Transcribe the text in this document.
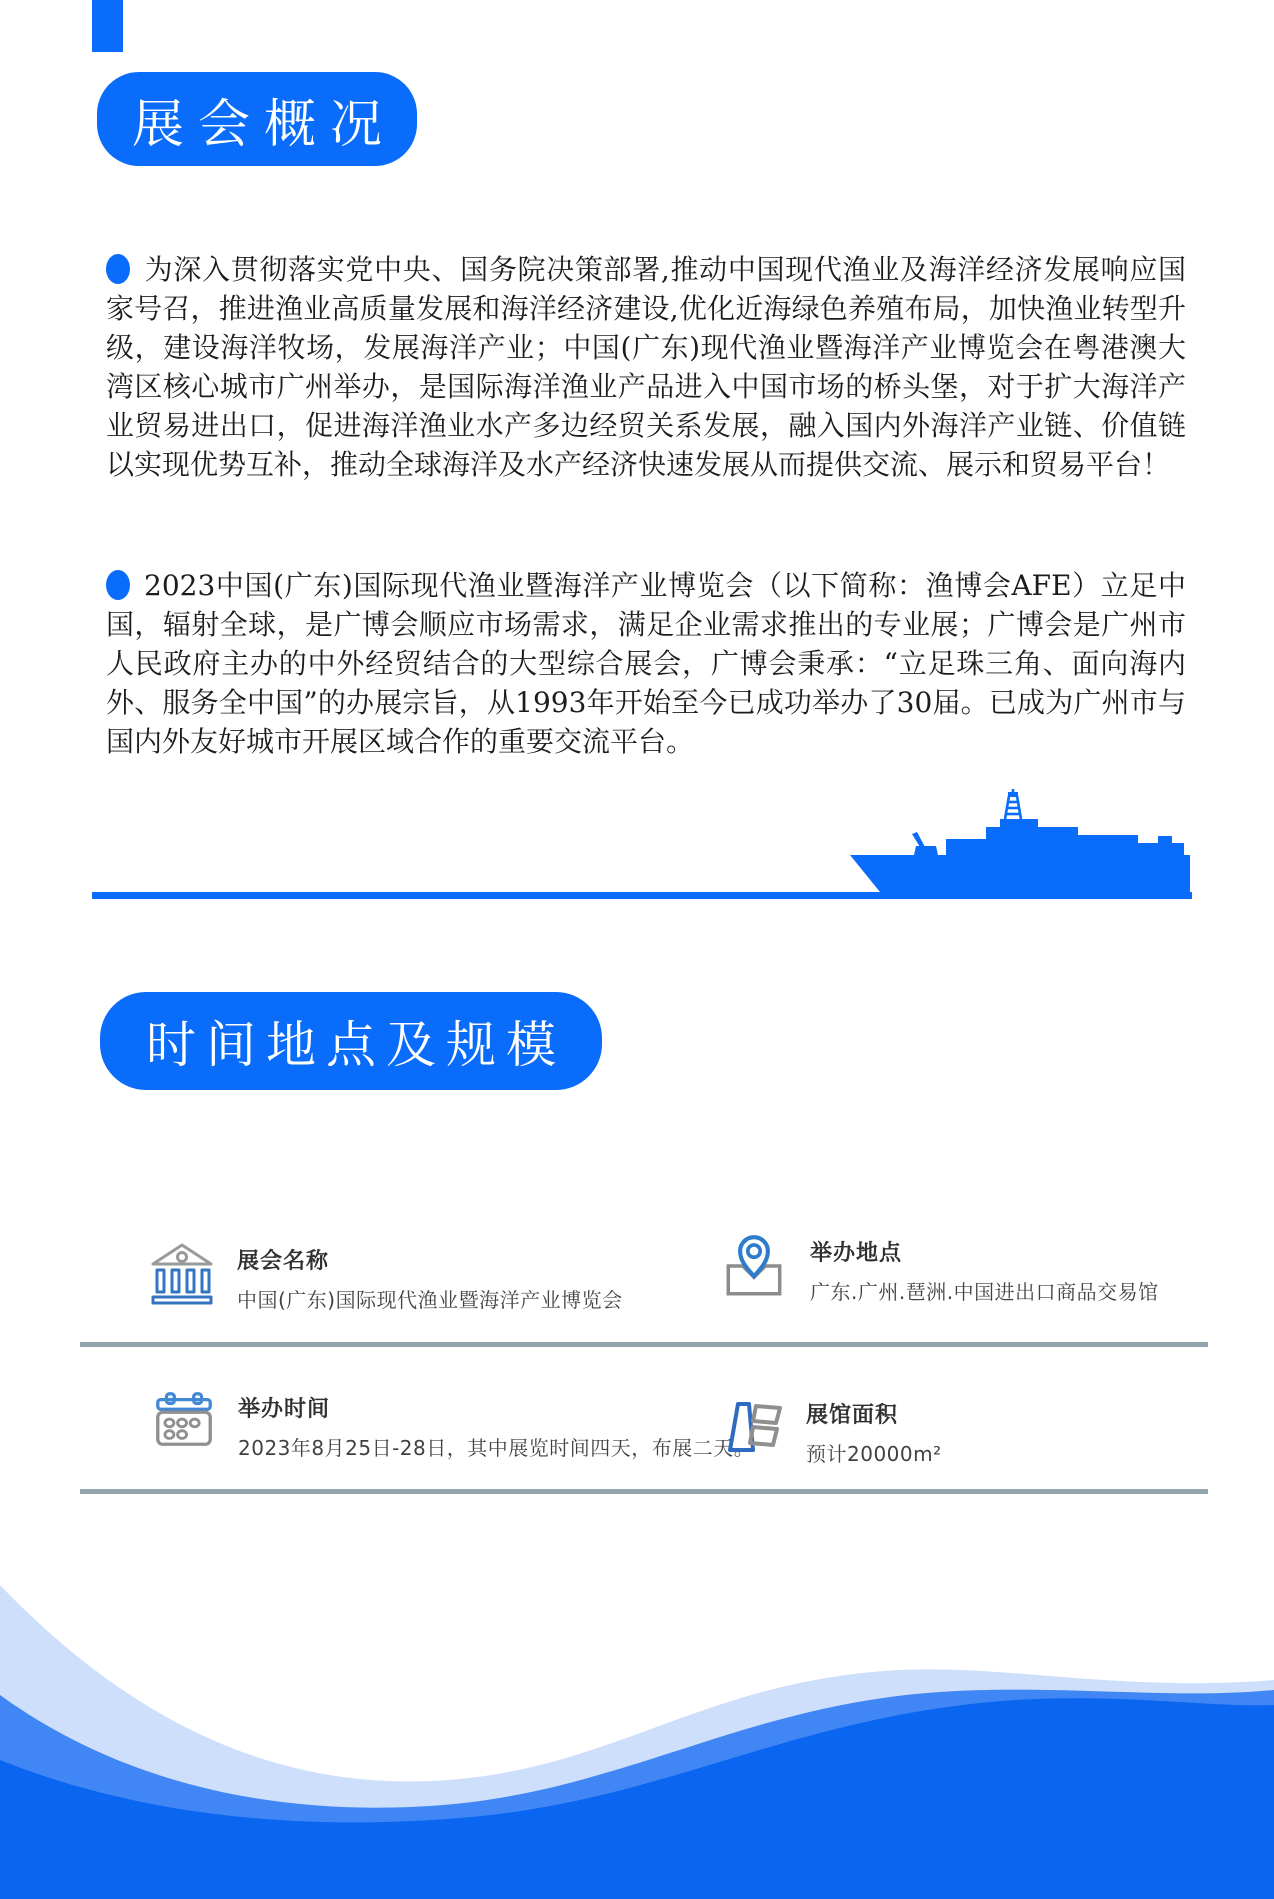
展会概况
为深入贯彻落实党中央、国务院决策部署,推动中国现代渔业及海洋经济发展响应国家号召，推进渔业高质量发展和海洋经济建设,优化近海绿色养殖布局，加快渔业转型升级，建设海洋牧场，发展海洋产业；中国(广东)现代渔业暨海洋产业博览会在粤港澳大湾区核心城市广州举办，是国际海洋渔业产品进入中国市场的桥头堡，对于扩大海洋产业贸易进出口，促进海洋渔业水产多边经贸关系发展，融入国内外海洋产业链、价值链以实现优势互补，推动全球海洋及水产经济快速发展从而提供交流、展示和贸易平台！
2023中国(广东)国际现代渔业暨海洋产业博览会（以下简称：渔博会AFE）立足中国，辐射全球，是广博会顺应市场需求，满足企业需求推出的专业展；广博会是广州市人民政府主办的中外经贸结合的大型综合展会，广博会秉承：“立足珠三角、面向海内外、服务全中国”的办展宗旨，从1993年开始至今已成功举办了30届。已成为广州市与国内外友好城市开展区域合作的重要交流平台。
时间地点及规模
展会名称
中国(广东)国际现代渔业暨海洋产业博览会
举办地点
广东.广州.琶洲.中国进出口商品交易馆
举办时间
2023年8月25日-28日，其中展览时间四天，布展二天。
展馆面积
预计20000m²
